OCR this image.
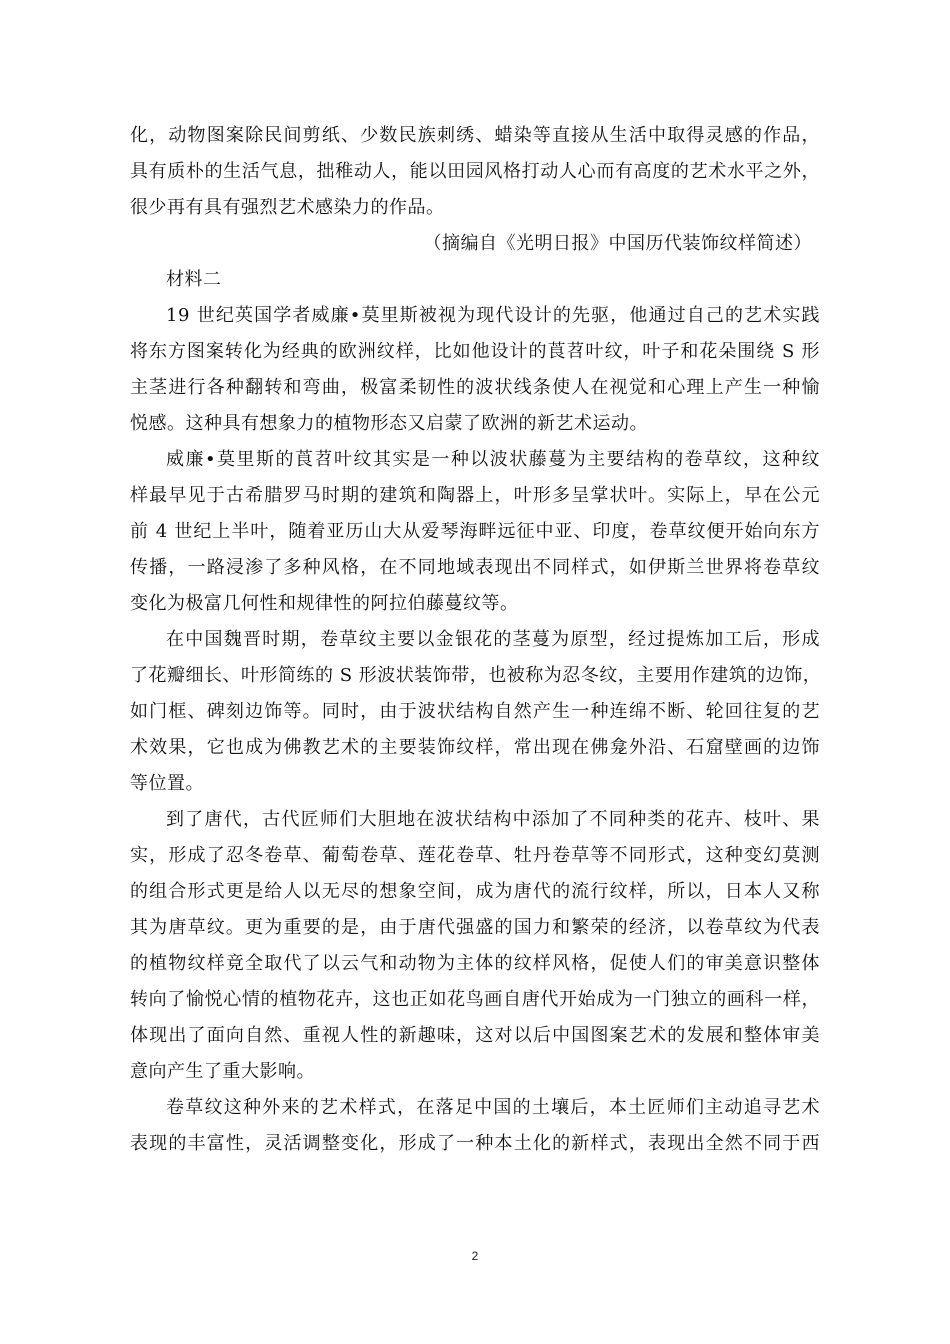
化，动物图案除民间剪纸、少数民族刺绣、蜡染等直接从生活中取得灵感的作品，
具有质朴的生活气息，拙稚动人，能以田园风格打动人心而有高度的艺术水平之外，
很少再有具有强烈艺术感染力的作品。
（摘编自《光明日报》中国历代装饰纹样简述）
材料二
19 世纪英国学者威廉•莫里斯被视为现代设计的先驱，他通过自己的艺术实践
将东方图案转化为经典的欧洲纹样，比如他设计的莨苕叶纹，叶子和花朵围绕 S 形
主茎进行各种翻转和弯曲，极富柔韧性的波状线条使人在视觉和心理上产生一种愉
悦感。这种具有想象力的植物形态又启蒙了欧洲的新艺术运动。
威廉•莫里斯的莨苕叶纹其实是一种以波状藤蔓为主要结构的卷草纹，这种纹
样最早见于古希腊罗马时期的建筑和陶器上，叶形多呈掌状叶。实际上，早在公元
前 4 世纪上半叶，随着亚历山大从爱琴海畔远征中亚、印度，卷草纹便开始向东方
传播，一路浸渗了多种风格，在不同地域表现出不同样式，如伊斯兰世界将卷草纹
变化为极富几何性和规律性的阿拉伯藤蔓纹等。
在中国魏晋时期，卷草纹主要以金银花的茎蔓为原型，经过提炼加工后，形成
了花瓣细长、叶形简练的 S 形波状装饰带，也被称为忍冬纹，主要用作建筑的边饰，
如门框、碑刻边饰等。同时，由于波状结构自然产生一种连绵不断、轮回往复的艺
术效果，它也成为佛教艺术的主要装饰纹样，常出现在佛龛外沿、石窟壁画的边饰
等位置。
到了唐代，古代匠师们大胆地在波状结构中添加了不同种类的花卉、枝叶、果
实，形成了忍冬卷草、葡萄卷草、莲花卷草、牡丹卷草等不同形式，这种变幻莫测
的组合形式更是给人以无尽的想象空间，成为唐代的流行纹样，所以，日本人又称
其为唐草纹。更为重要的是，由于唐代强盛的国力和繁荣的经济，以卷草纹为代表
的植物纹样竟全取代了以云气和动物为主体的纹样风格，促使人们的审美意识整体
转向了愉悦心情的植物花卉，这也正如花鸟画自唐代开始成为一门独立的画科一样，
体现出了面向自然、重视人性的新趣味，这对以后中国图案艺术的发展和整体审美
意向产生了重大影响。
卷草纹这种外来的艺术样式，在落足中国的土壤后，本土匠师们主动追寻艺术
表现的丰富性，灵活调整变化，形成了一种本土化的新样式，表现出全然不同于西
2
